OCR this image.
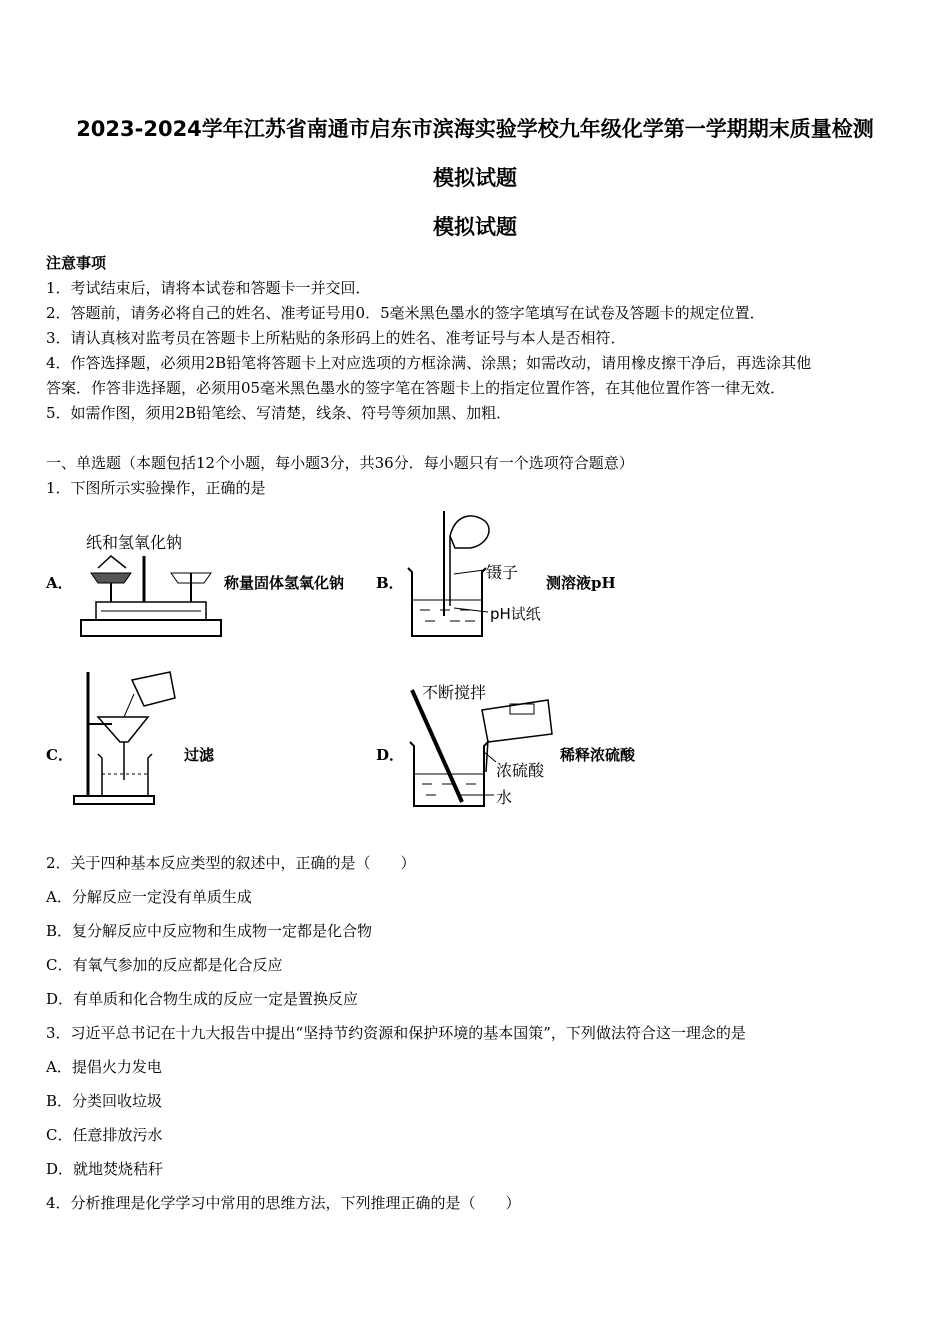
2023-2024学年江苏省南通市启东市滨海实验学校九年级化学第一学期期末质量检测
模拟试题
模拟试题
注意事项
1．考试结束后，请将本试卷和答题卡一并交回．
2．答题前，请务必将自己的姓名、准考证号用0．5毫米黑色墨水的签字笔填写在试卷及答题卡的规定位置．
3．请认真核对监考员在答题卡上所粘贴的条形码上的姓名、准考证号与本人是否相符．
4．作答选择题，必须用2B铅笔将答题卡上对应选项的方框涂满、涂黑；如需改动，请用橡皮擦干净后，再选涂其他
答案．作答非选择题，必须用05毫米黑色墨水的签字笔在答题卡上的指定位置作答，在其他位置作答一律无效．
5．如需作图，须用2B铅笔绘、写清楚，线条、符号等须加黑、加粗．
一、单选题（本题包括12个小题，每小题3分，共36分．每小题只有一个选项符合题意）
1．下图所示实验操作，正确的是
A．
纸和氢氧化钠
称量固体氢氧化钠 B．
镊子
pH试纸
测溶液pH
C．	过滤	D．
不断搅拌
浓硫酸
水
稀释浓硫酸
2．关于四种基本反应类型的叙述中，正确的是（　　）
A．分解反应一定没有单质生成
B．复分解反应中反应物和生成物一定都是化合物
C．有氧气参加的反应都是化合反应
D．有单质和化合物生成的反应一定是置换反应
3．习近平总书记在十九大报告中提出“坚持节约资源和保护环境的基本国策”，下列做法符合这一理念的是
A．提倡火力发电
B．分类回收垃圾
C．任意排放污水
D．就地焚烧秸秆
4．分析推理是化学学习中常用的思维方法，下列推理正确的是（　　）
